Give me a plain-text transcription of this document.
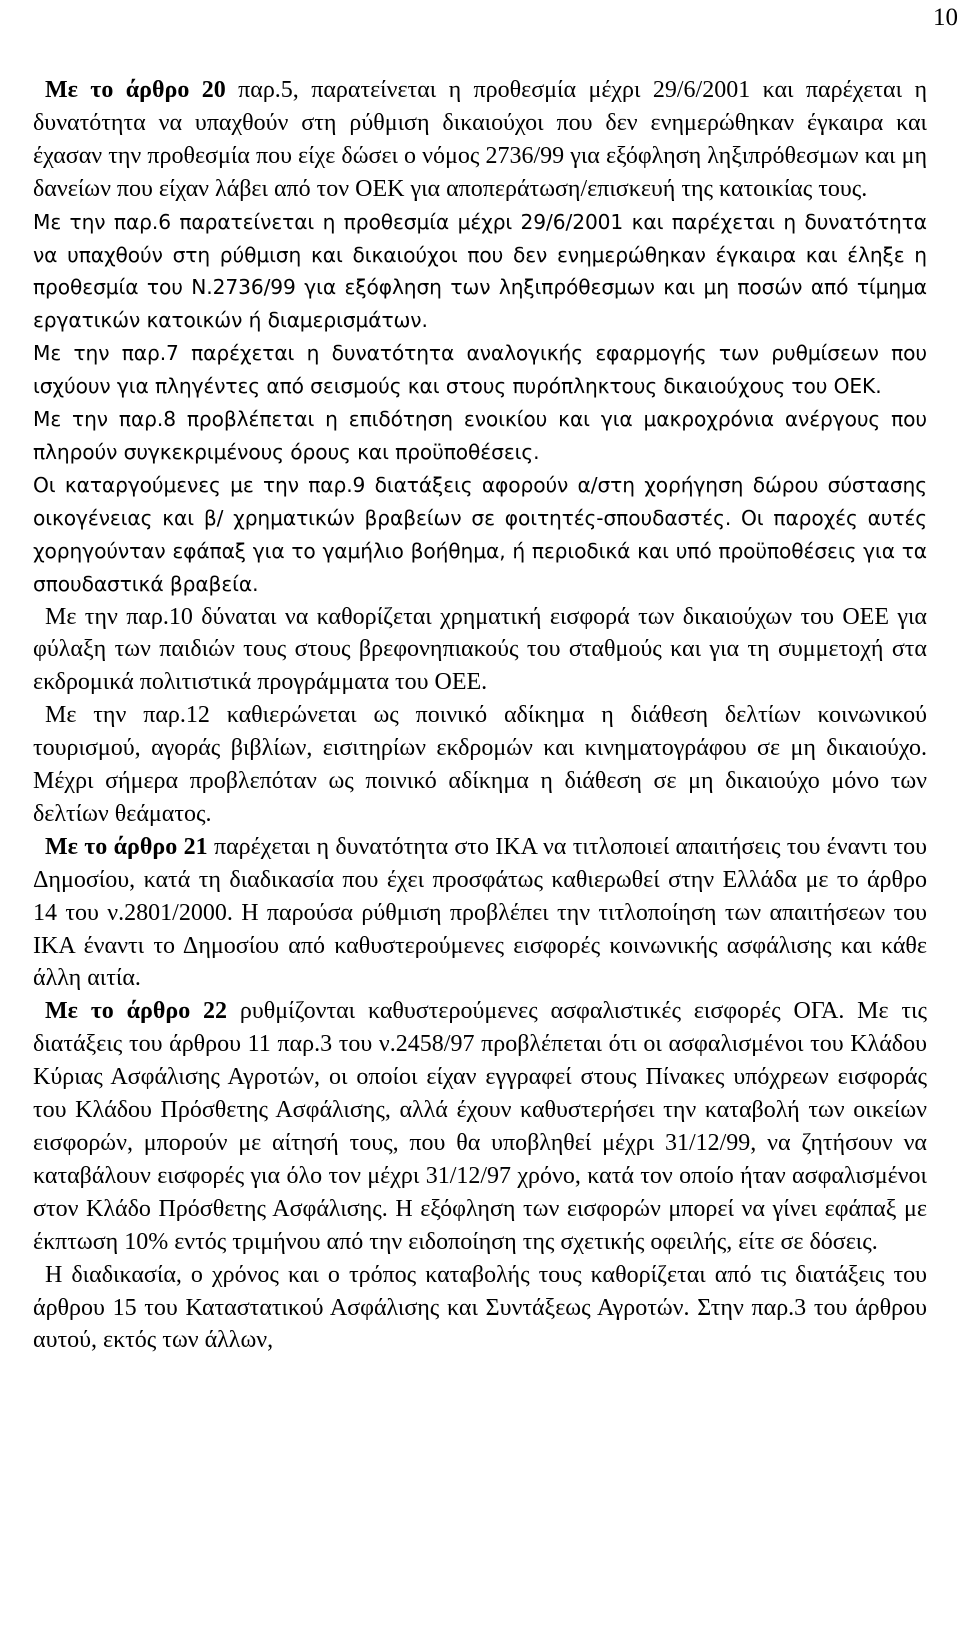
10

Με το άρθρο 20 παρ.5, παρατείνεται η προθεσμία μέχρι 29/6/2001 και παρέχεται η δυνατότητα να υπαχθούν στη ρύθμιση δικαιούχοι που δεν ενημερώθηκαν έγκαιρα και έχασαν την προθεσμία που είχε δώσει ο νόμος 2736/99 για εξόφληση ληξιπρόθεσμων και μη δανείων που είχαν λάβει από τον ΟΕΚ για αποπεράτωση/επισκευή της κατοικίας τους.

Με την παρ.6 παρατείνεται η προθεσμία μέχρι 29/6/2001 και παρέχεται η δυνατότητα να υπαχθούν στη ρύθμιση και δικαιούχοι που δεν ενημερώθηκαν έγκαιρα και έληξε η προθεσμία του Ν.2736/99 για εξόφληση των ληξιπρόθεσμων και μη ποσών από τίμημα εργατικών κατοικών ή διαμερισμάτων.

Με την παρ.7 παρέχεται η δυνατότητα αναλογικής εφαρμογής των ρυθμίσεων που ισχύουν για πληγέντες από σεισμούς και στους πυρόπληκτους δικαιούχους του ΟΕΚ.

Με την παρ.8 προβλέπεται η επιδότηση ενοικίου και για μακροχρόνια ανέργους που πληρούν συγκεκριμένους όρους και προϋποθέσεις.

Οι καταργούμενες με την παρ.9 διατάξεις αφορούν α/στη χορήγηση δώρου σύστασης οικογένειας και β/ χρηματικών βραβείων σε φοιτητές-σπουδαστές. Οι παροχές αυτές χορηγούνταν εφάπαξ για το γαμήλιο βοήθημα, ή περιοδικά και υπό προϋποθέσεις για τα σπουδαστικά βραβεία.

Με την παρ.10 δύναται να καθορίζεται χρηματική εισφορά των δικαιούχων του ΟΕΕ για φύλαξη των παιδιών τους στους βρεφονηπιακούς του σταθμούς και για τη συμμετοχή στα εκδρομικά πολιτιστικά προγράμματα του ΟΕΕ.

Με την παρ.12 καθιερώνεται ως ποινικό αδίκημα η διάθεση δελτίων κοινωνικού τουρισμού, αγοράς βιβλίων, εισιτηρίων εκδρομών και κινηματογράφου σε μη δικαιούχο. Μέχρι σήμερα προβλεπόταν ως ποινικό αδίκημα η διάθεση σε μη δικαιούχο μόνο των δελτίων θεάματος.

Με το άρθρο 21 παρέχεται η δυνατότητα στο ΙΚΑ να τιτλοποιεί απαιτήσεις του έναντι του Δημοσίου, κατά τη διαδικασία που έχει προσφάτως καθιερωθεί στην Ελλάδα με το άρθρο 14 του ν.2801/2000. Η παρούσα ρύθμιση προβλέπει την τιτλοποίηση των απαιτήσεων του ΙΚΑ έναντι το Δημοσίου από καθυστερούμενες εισφορές κοινωνικής ασφάλισης και κάθε άλλη αιτία.

Με το άρθρο 22 ρυθμίζονται καθυστερούμενες ασφαλιστικές εισφορές ΟΓΑ. Με τις διατάξεις του άρθρου 11 παρ.3 του ν.2458/97 προβλέπεται ότι οι ασφαλισμένοι του Κλάδου Κύριας Ασφάλισης Αγροτών, οι οποίοι είχαν εγγραφεί στους Πίνακες υπόχρεων εισφοράς του Κλάδου Πρόσθετης Ασφάλισης, αλλά έχουν καθυστερήσει την καταβολή των οικείων εισφορών, μπορούν με αίτησή τους, που θα υποβληθεί μέχρι 31/12/99, να ζητήσουν να καταβάλουν εισφορές για όλο τον μέχρι 31/12/97 χρόνο, κατά τον οποίο ήταν ασφαλισμένοι στον Κλάδο Πρόσθετης Ασφάλισης. Η εξόφληση των εισφορών μπορεί να γίνει εφάπαξ με έκπτωση 10% εντός τριμήνου από την ειδοποίηση της σχετικής οφειλής, είτε σε δόσεις.

Η διαδικασία, ο χρόνος και ο τρόπος καταβολής τους καθορίζεται από τις διατάξεις του άρθρου 15 του Καταστατικού Ασφάλισης και Συντάξεως Αγροτών. Στην παρ.3 του άρθρου αυτού, εκτός των άλλων,
